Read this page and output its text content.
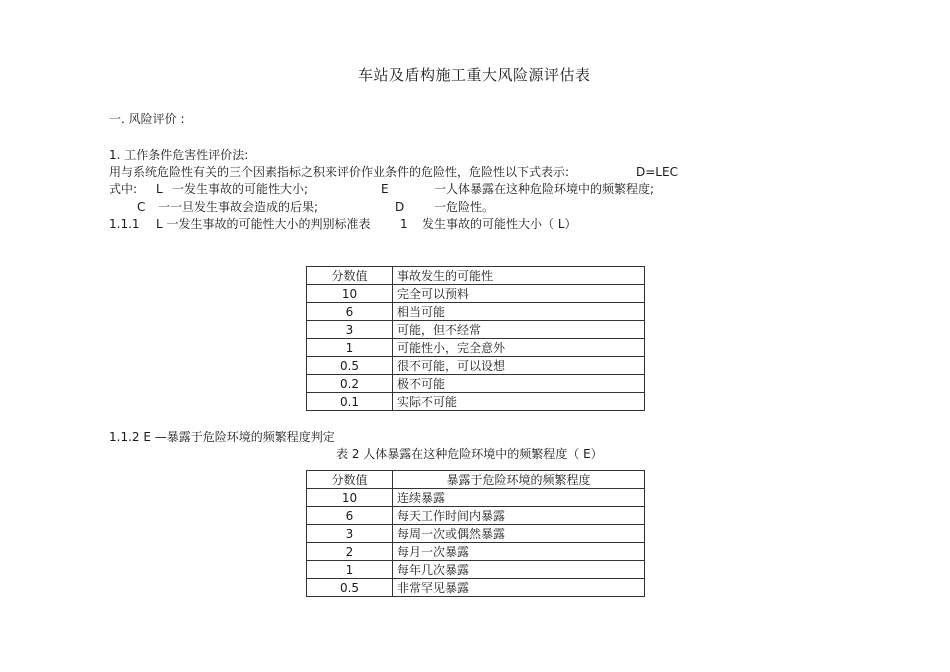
车站及盾构施工重大风险源评估表
一. 风险评价 :
1. 工作条件危害性评价法:
用与系统危险性有关的三个因素指标之积来评价作业条件的危险性，危险性以下式表示:	D=LEC
式中: L 一发生事故的可能性大小;	E	一人体暴露在这种危险环境中的频繁程度;
C 一一旦发生事故会造成的后果;	D 一危险性。
1.1.1 L 一发生事故的可能性大小的判别标准表 1 发生事故的可能性大小（ L）
分数值	事故发生的可能性
10	完全可以预料
6	相当可能
3	可能，但不经常
1	可能性小，完全意外
0.5	很不可能，可以设想
0.2	极不可能
0.1	实际不可能
1.1.2 E —暴露于危险环境的频繁程度判定
表 2 人体暴露在这种危险环境中的频繁程度（ E）
分数值	暴露于危险环境的频繁程度
10	连续暴露
6	每天工作时间内暴露
3	每周一次或偶然暴露
2	每月一次暴露
1	每年几次暴露
0.5	非常罕见暴露
